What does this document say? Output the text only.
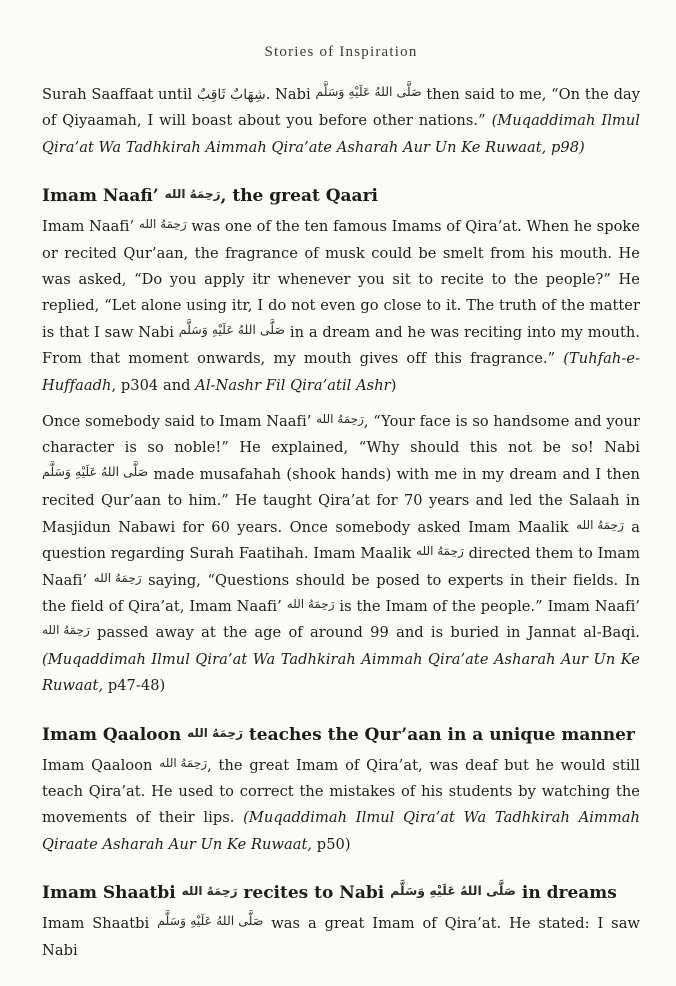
Stories of Inspiration

Surah Saaffaat until شِهَابٌ ثَاقِبٌ. Nabi صَلَّى اللهُ عَلَيْهِ وَسَلَّم then said to me, “On the day of Qiyaamah, I will boast about you before other nations.” (Muqaddimah Ilmul Qira’at Wa Tadhkirah Aimmah Qira’ate Asharah Aur Un Ke Ruwaat, p98)

Imam Naafi’ رَحِمَهُ الله, the great Qaari

Imam Naafi’ رَحِمَهُ الله was one of the ten famous Imams of Qira’at. When he spoke or recited Qur’aan, the fragrance of musk could be smelt from his mouth. He was asked, “Do you apply itr whenever you sit to recite to the people?” He replied, “Let alone using itr, I do not even go close to it. The truth of the matter is that I saw Nabi صَلَّى اللهُ عَلَيْهِ وَسَلَّم in a dream and he was reciting into my mouth. From that moment onwards, my mouth gives off this fragrance.” (Tuhfah-e-Huffaadh, p304 and Al-Nashr Fil Qira’atil Ashr)

Once somebody said to Imam Naafi’ رَحِمَهُ الله, “Your face is so handsome and your character is so noble!” He explained, “Why should this not be so! Nabi صَلَّى اللهُ عَلَيْهِ وَسَلَّم made musafahah (shook hands) with me in my dream and I then recited Qur’aan to him.” He taught Qira’at for 70 years and led the Salaah in Masjidun Nabawi for 60 years. Once somebody asked Imam Maalik رَحِمَهُ الله a question regarding Surah Faatihah. Imam Maalik رَحِمَهُ الله directed them to Imam Naafi’ رَحِمَهُ الله saying, “Questions should be posed to experts in their fields. In the field of Qira’at, Imam Naafi’ رَحِمَهُ الله is the Imam of the people.” Imam Naafi’ رَحِمَهُ الله passed away at the age of around 99 and is buried in Jannat al-Baqi. (Muqaddimah Ilmul Qira’at Wa Tadhkirah Aimmah Qira’ate Asharah Aur Un Ke Ruwaat, p47-48)

Imam Qaaloon رَحِمَهُ الله teaches the Qur’aan in a unique manner

Imam Qaaloon رَحِمَهُ الله, the great Imam of Qira’at, was deaf but he would still teach Qira’at. He used to correct the mistakes of his students by watching the movements of their lips. (Muqaddimah Ilmul Qira’at Wa Tadhkirah Aimmah Qiraate Asharah Aur Un Ke Ruwaat, p50)

Imam Shaatbi رَحِمَهُ الله recites to Nabi صَلَّى اللهُ عَلَيْهِ وَسَلَّم in dreams

Imam Shaatbi صَلَّى اللهُ عَلَيْهِ وَسَلَّم was a great Imam of Qira’at. He stated: I saw Nabi
